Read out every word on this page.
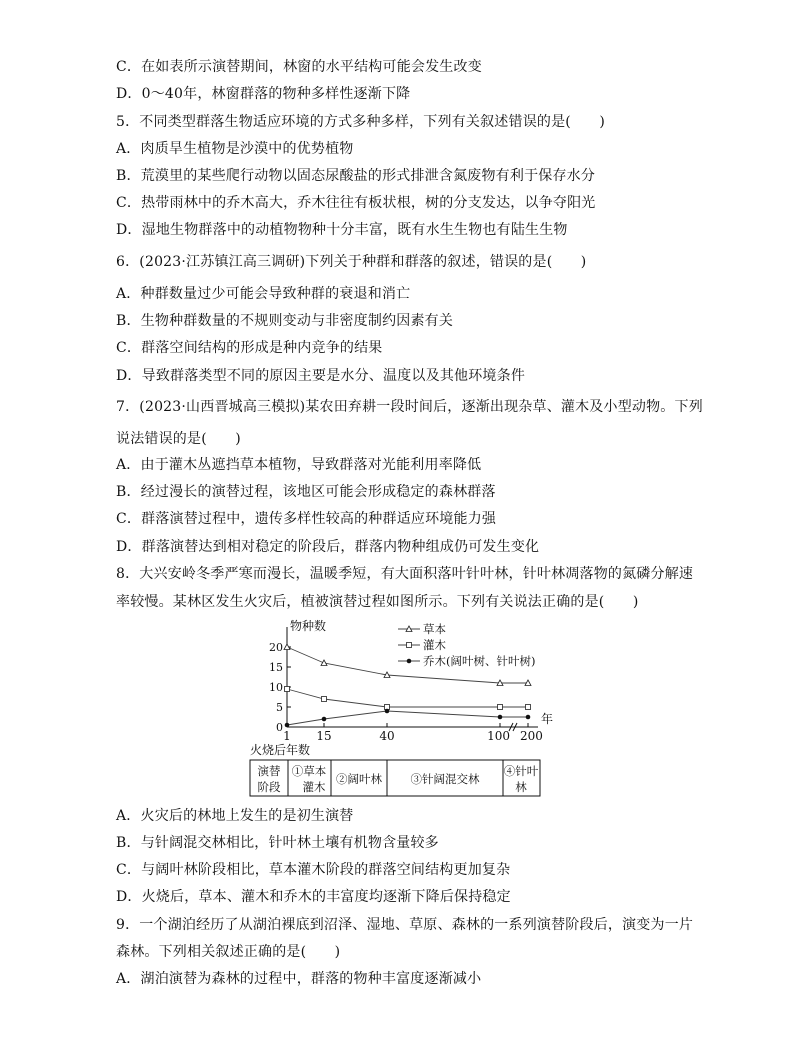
C．在如表所示演替期间，林窗的水平结构可能会发生改变
D．0～40年，林窗群落的物种多样性逐渐下降
5．不同类型群落生物适应环境的方式多种多样，下列有关叙述错误的是(　　)
A．肉质旱生植物是沙漠中的优势植物
B．荒漠里的某些爬行动物以固态尿酸盐的形式排泄含氮废物有利于保存水分
C．热带雨林中的乔木高大，乔木往往有板状根，树的分支发达，以争夺阳光
D．湿地生物群落中的动植物物种十分丰富，既有水生生物也有陆生生物
6．(2023·江苏镇江高三调研)下列关于种群和群落的叙述，错误的是(　　)
A．种群数量过少可能会导致种群的衰退和消亡
B．生物种群数量的不规则变动与非密度制约因素有关
C．群落空间结构的形成是种内竞争的结果
D．导致群落类型不同的原因主要是水分、温度以及其他环境条件
7．(2023·山西晋城高三模拟)某农田弃耕一段时间后，逐渐出现杂草、灌木及小型动物。下列
说法错误的是(　　)
A．由于灌木丛遮挡草本植物，导致群落对光能利用率降低
B．经过漫长的演替过程，该地区可能会形成稳定的森林群落
C．群落演替过程中，遗传多样性较高的种群适应环境能力强
D．群落演替达到相对稳定的阶段后，群落内物种组成仍可发生变化
8．大兴安岭冬季严寒而漫长，温暖季短，有大面积落叶针叶林，针叶林凋落物的氮磷分解速
率较慢。某林区发生火灾后，植被演替过程如图所示。下列有关说法正确的是(　　)
物种数
年
0
5
10
15
20
1 15	40	100 200
火烧后年数
草本
灌木
乔木(阔叶树、针叶树)
演替
阶段
①草本
灌木
②阔叶林 ③针阔混交林
④针叶
林
A．火灾后的林地上发生的是初生演替
B．与针阔混交林相比，针叶林土壤有机物含量较多
C．与阔叶林阶段相比，草本灌木阶段的群落空间结构更加复杂
D．火烧后，草本、灌木和乔木的丰富度均逐渐下降后保持稳定
9．一个湖泊经历了从湖泊裸底到沼泽、湿地、草原、森林的一系列演替阶段后，演变为一片
森林。下列相关叙述正确的是(　　)
A．湖泊演替为森林的过程中，群落的物种丰富度逐渐减小
